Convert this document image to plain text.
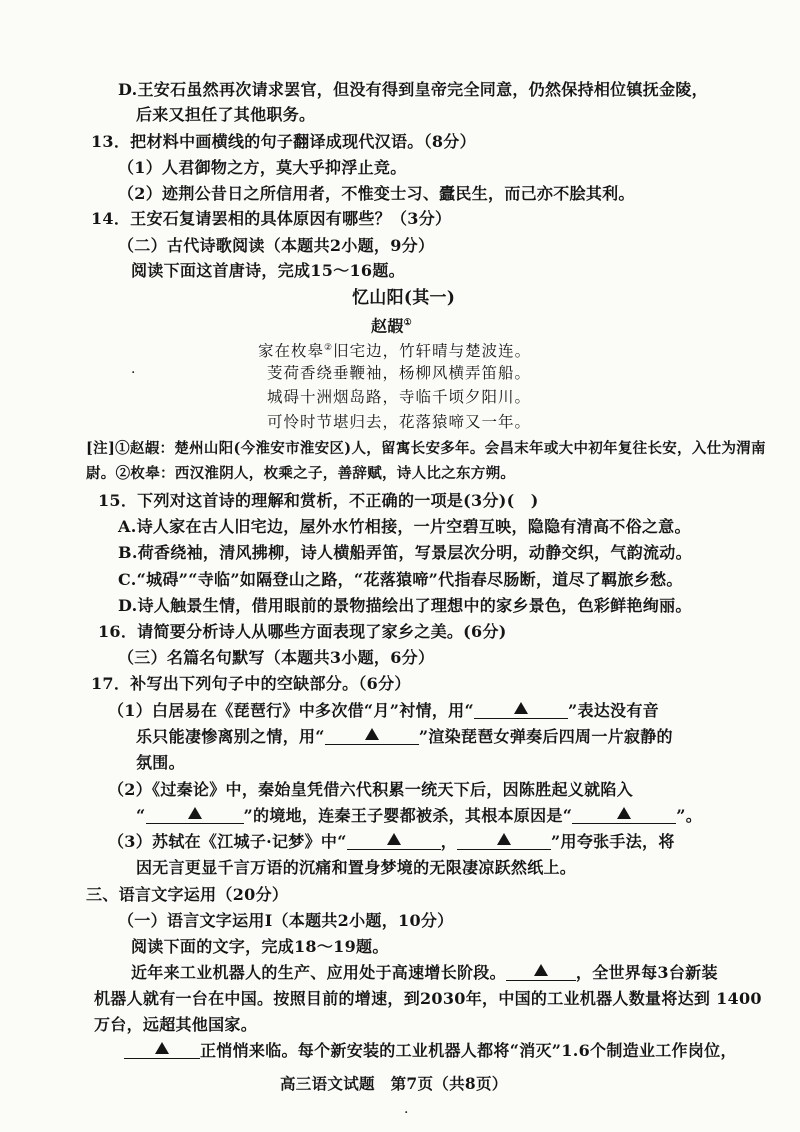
D.王安石虽然再次请求罢官，但没有得到皇帝完全同意，仍然保持相位镇抚金陵，
后来又担任了其他职务。
13．把材料中画横线的句子翻译成现代汉语。（8分）
（1）人君御物之方，莫大乎抑浮止竞。
（2）迹荆公昔日之所信用者，不惟变士习、蠹民生，而己亦不脍其利。
14．王安石复请罢相的具体原因有哪些？（3分）
（二）古代诗歌阅读（本题共2小题，9分）
阅读下面这首唐诗，完成15～16题。
忆山阳(其一)
赵嘏①
家在枚皋②旧宅边，竹轩晴与楚波连。
芰荷香绕垂鞭袖，杨柳风横弄笛船。
城碍十洲烟岛路，寺临千顷夕阳川。
可怜时节堪归去，花落猿啼又一年。
[注]①赵嘏：楚州山阳(今淮安市淮安区)人，留寓长安多年。会昌末年或大中初年复往长安，入仕为渭南
尉。②枚皋：西汉淮阴人，枚乘之子，善辞赋，诗人比之东方朔。
15．下列对这首诗的理解和赏析，不正确的一项是(3分)(　)
A.诗人家在古人旧宅边，屋外水竹相接，一片空碧互映，隐隐有清高不俗之意。
B.荷香绕袖，清风拂柳，诗人横船弄笛，写景层次分明，动静交织，气韵流动。
C.“城碍”“寺临”如隔登山之路，“花落猿啼”代指春尽肠断，道尽了羁旅乡愁。
D.诗人触景生情，借用眼前的景物描绘出了理想中的家乡景色，色彩鲜艳绚丽。
16．请简要分析诗人从哪些方面表现了家乡之美。(6分)
（三）名篇名句默写（本题共3小题，6分）
17．补写出下列句子中的空缺部分。（6分）
（1）白居易在《琵琶行》中多次借“月”衬情，用“	”表达没有音
乐只能凄惨离别之情，用“	”渲染琵琶女弹奏后四周一片寂静的
氛围。
（2）《过秦论》中，秦始皇凭借六代积累一统天下后，因陈胜起义就陷入
“	”的境地，连秦王子婴都被杀，其根本原因是“	”。
（3）苏轼在《江城子·记梦》中“	，	”用夸张手法，将
因无言更显千言万语的沉痛和置身梦境的无限凄凉跃然纸上。
三、语言文字运用（20分）
（一）语言文字运用Ⅰ（本题共2小题，10分）
阅读下面的文字，完成18～19题。
近年来工业机器人的生产、应用处于高速增长阶段。	，全世界每3台新装
机器人就有一台在中国。按照目前的增速，到2030年，中国的工业机器人数量将达到 1400
万台，远超其他国家。
正悄悄来临。每个新安装的工业机器人都将“消灭”1.6个制造业工作岗位，
高三语文试题　第7页（共8页）
·
·
